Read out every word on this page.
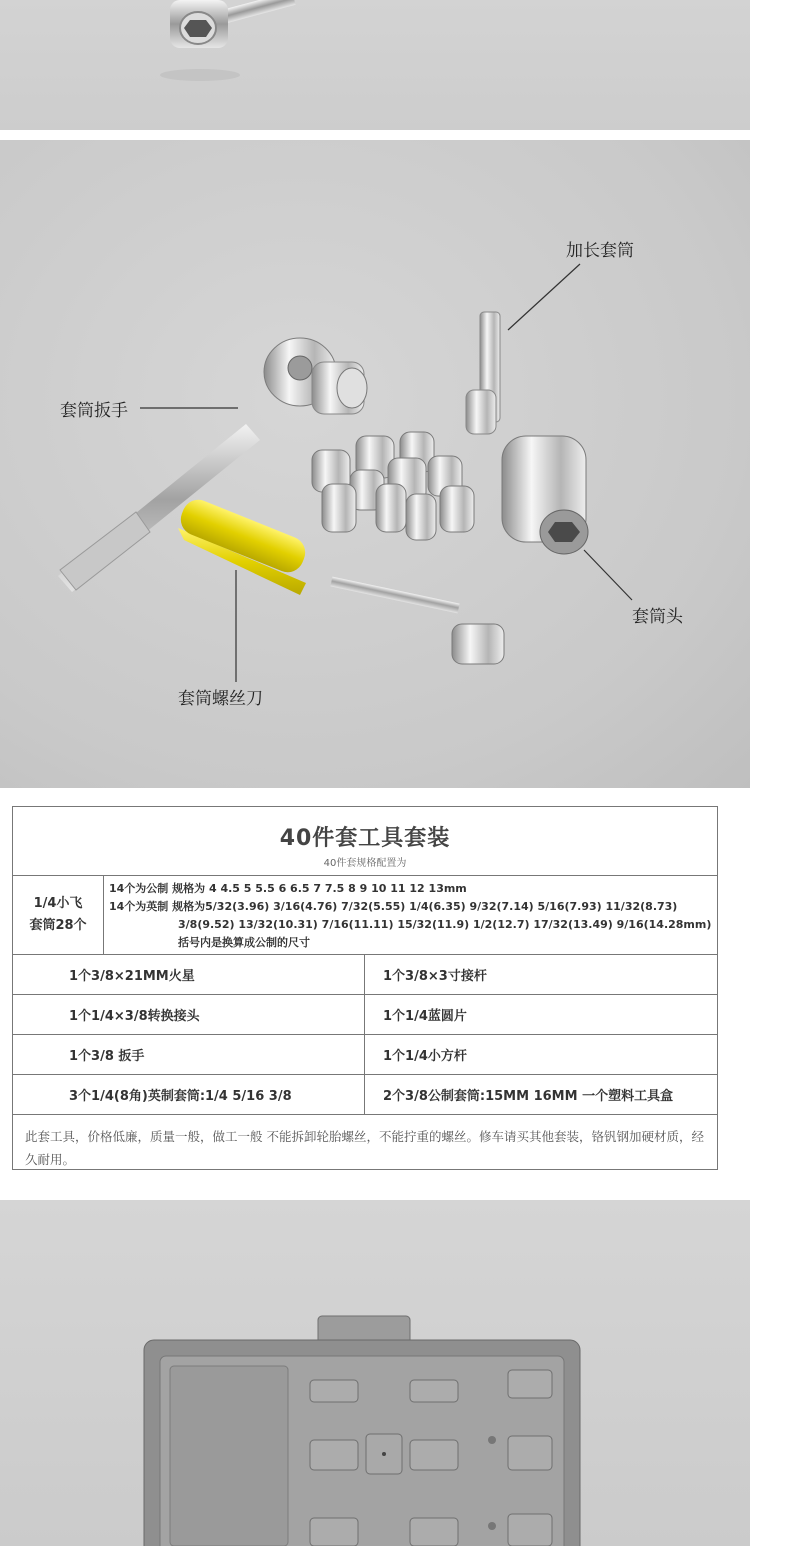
加长套筒
套筒扳手
套筒头
套筒螺丝刀
40件套工具套装
40件套规格配置为
1/4小飞
套筒28个
14个为公制 规格为 4 4.5 5 5.5 6 6.5 7 7.5 8 9 10 11 12 13mm
14个为英制 规格为5/32(3.96) 3/16(4.76) 7/32(5.55) 1/4(6.35) 9/32(7.14) 5/16(7.93) 11/32(8.73)
3/8(9.52) 13/32(10.31) 7/16(11.11) 15/32(11.9) 1/2(12.7) 17/32(13.49) 9/16(14.28mm)
括号内是换算成公制的尺寸
1个3/8×21MM火星	1个3/8×3寸接杆
1个1/4×3/8转换接头	1个1/4蓝圆片
1个3/8 扳手	1个1/4小方杆
3个1/4(8角)英制套筒:1/4 5/16 3/8	2个3/8公制套筒:15MM 16MM 一个塑料工具盒
此套工具，价格低廉，质量一般，做工一般 不能拆卸轮胎螺丝，不能拧重的螺丝。修车请买其他套装，铬钒钢加硬材质，经久耐用。
